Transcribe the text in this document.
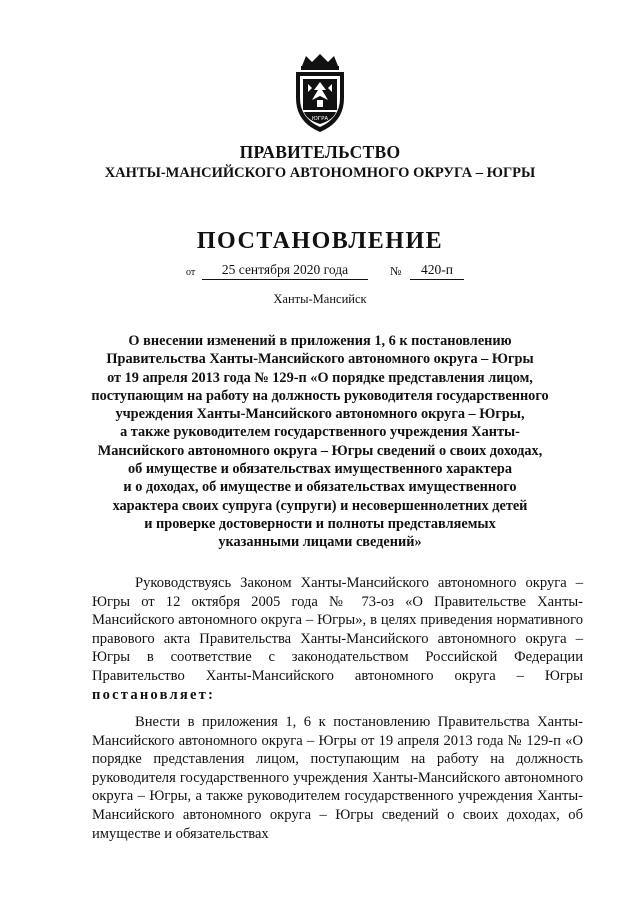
ЮГРА
ПРАВИТЕЛЬСТВО
ХАНТЫ-МАНСИЙСКОГО АВТОНОМНОГО ОКРУГА – ЮГРЫ
ПОСТАНОВЛЕНИЕ
от	25 сентября 2020 года	№	420-п
Ханты-Мансийск
О внесении изменений в приложения 1, 6 к постановлению
Правительства Ханты-Мансийского автономного округа – Югры
от 19 апреля 2013 года № 129-п «О порядке представления лицом,
поступающим на работу на должность руководителя государственного
учреждения Ханты-Мансийского автономного округа – Югры,
а также руководителем государственного учреждения Ханты-
Мансийского автономного округа – Югры сведений о своих доходах,
об имуществе и обязательствах имущественного характера
и о доходах, об имуществе и обязательствах имущественного
характера своих супруга (супруги) и несовершеннолетних детей
и проверке достоверности и полноты представляемых
указанными лицами сведений»

Руководствуясь Законом Ханты-Мансийского автономного округа – Югры от 12 октября 2005 года № 73-оз «О Правительстве Ханты-Мансийского автономного округа – Югры», в целях приведения нормативного правового акта Правительства Ханты-Мансийского автономного округа – Югры в соответствие с законодательством Российской Федерации Правительство Ханты-Мансийского автономного округа – Югры постановляет:

Внести в приложения 1, 6 к постановлению Правительства Ханты-Мансийского автономного округа – Югры от 19 апреля 2013 года № 129-п «О порядке представления лицом, поступающим на работу на должность руководителя государственного учреждения Ханты-Мансийского автономного округа – Югры, а также руководителем государственного учреждения Ханты-Мансийского автономного округа – Югры сведений о своих доходах, об имуществе и обязательствах
